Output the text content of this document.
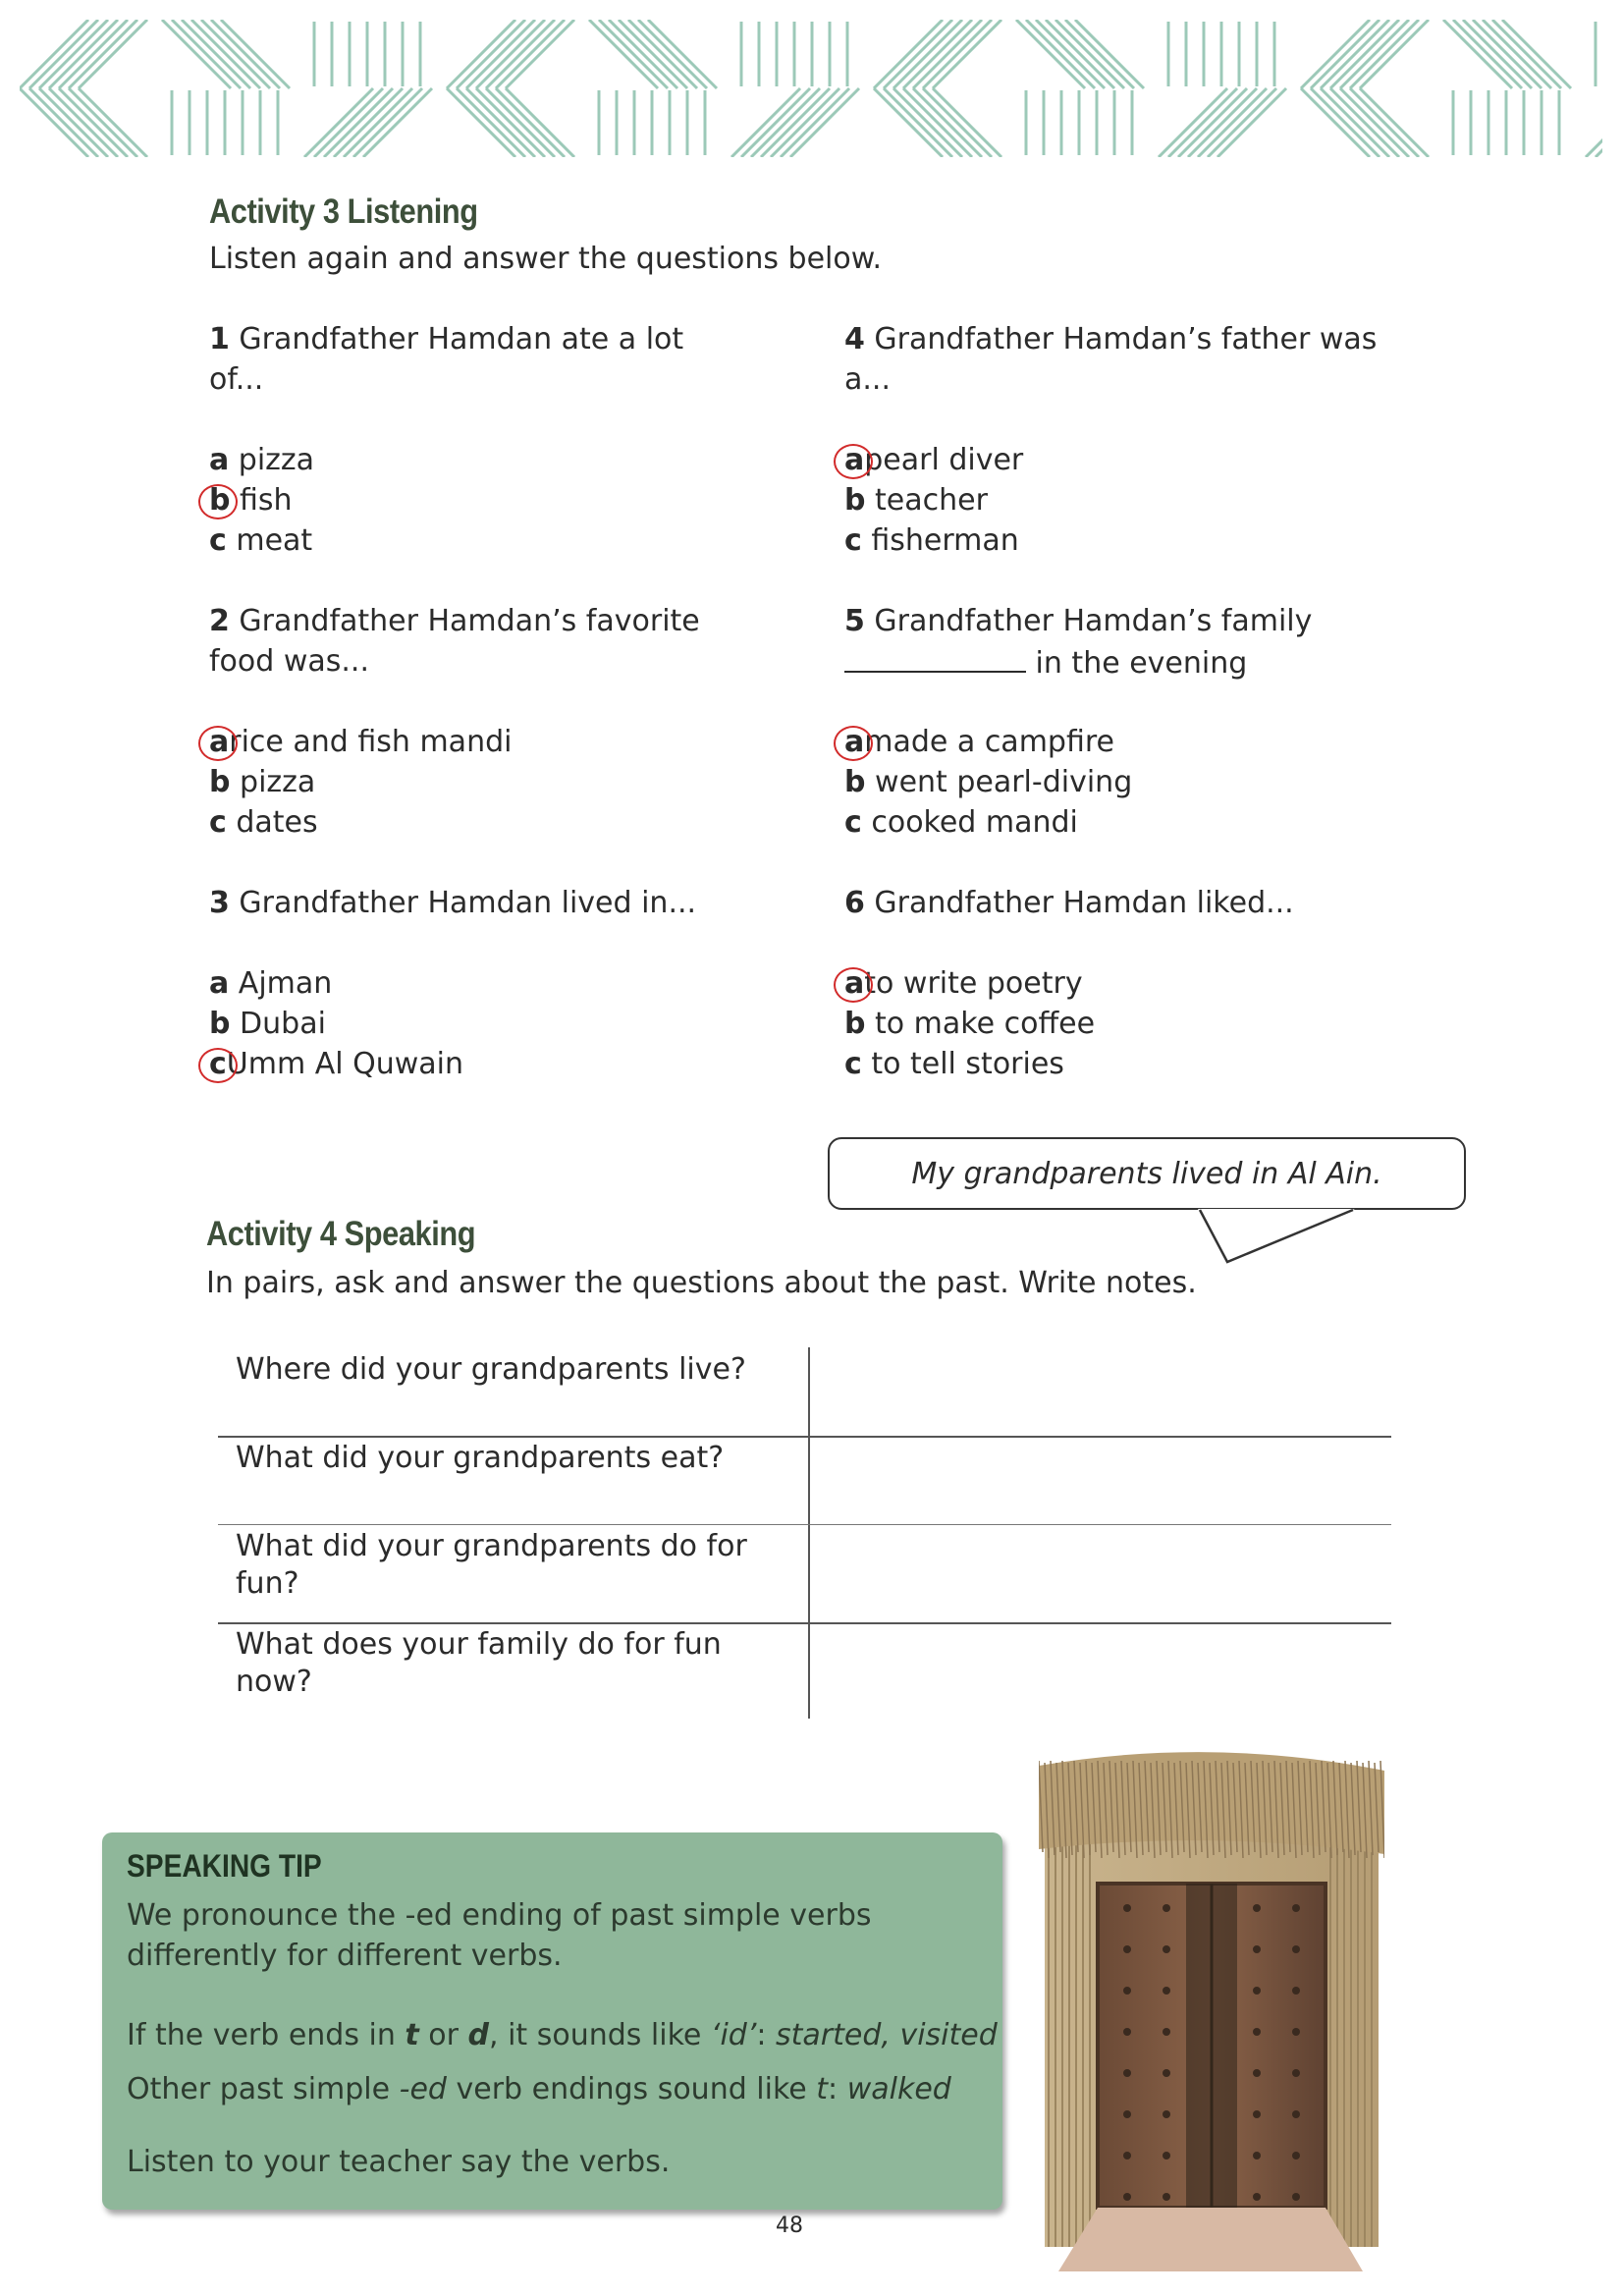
Activity 3 Listening
Listen again and answer the questions below.
1 Grandfather Hamdan ate a lot of...
a pizza
b fish
c meat
2 Grandfather Hamdan’s favorite food was...
a
rice and fish mandi
b pizza
c dates
3 Grandfather Hamdan lived in...
a Ajman
b Dubai
c
Umm Al Quwain
4 Grandfather Hamdan’s father was a...
a
pearl diver
b teacher
c fisherman
5 Grandfather Hamdan’s family
in the evening
a
made a campfire
b went pearl-diving
c cooked mandi
6 Grandfather Hamdan liked...
a
to write poetry
b to make coffee
c to tell stories
My grandparents lived in Al Ain.
Activity 4 Speaking
In pairs, ask and answer the questions about the past. Write notes.
Where did your grandparents live?
What did your grandparents eat?
What did your grandparents do for fun?
What does your family do for fun now?
SPEAKING TIP
We pronounce the -ed ending of past simple verbs
differently for different verbs.
If the verb ends in t or d, it sounds like ‘id’: started, visited
Other past simple -ed verb endings sound like t: walked
Listen to your teacher say the verbs.
48
